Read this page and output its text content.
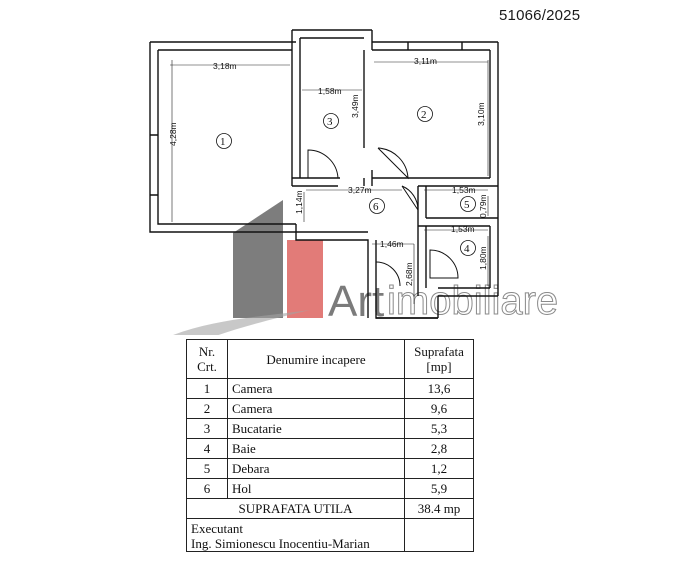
51066/2025
Art imobiliare
3,18m
4,28m
1,58m
3,49m
3,11m
3,10m
3,27m
1,14m
1,53m
0,79m
1,53m
1,80m
1,46m
2,68m
1
2
3
4
5
6
Nr. Crt.	Denumire incapere	Suprafata [mp]
1	Camera	13,6
2	Camera	9,6
3	Bucatarie	5,3
4	Baie	2,8
5	Debara	1,2
6	Hol	5,9
SUPRAFATA UTILA		38.4 mp

Executant
Ing. Simionescu Inocentiu-Marian		
